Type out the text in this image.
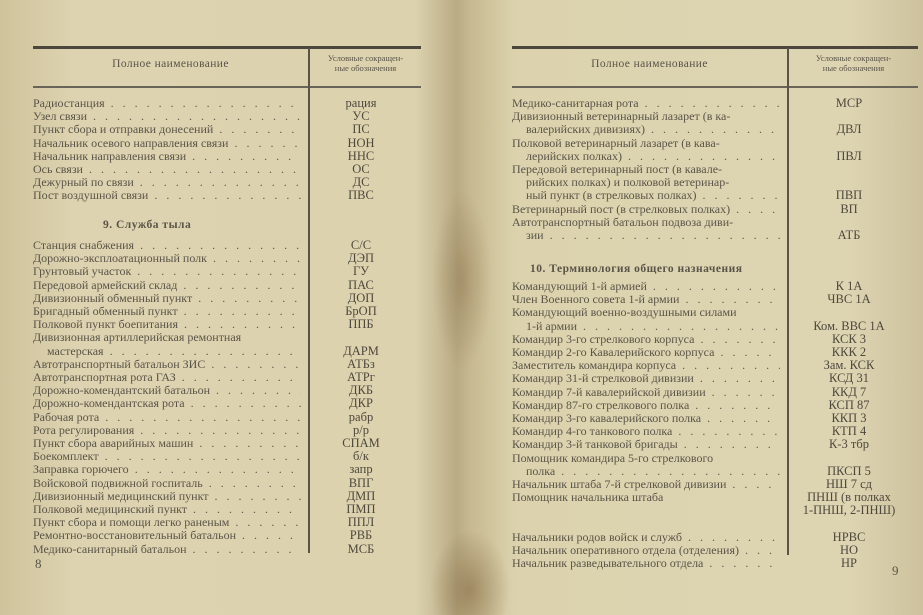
Полное наименование	Условные сокращен-
ные обозначения
Радиостанция . . .	рация
Узел связи . . .	УС
Пункт сбора и отправки донесений . . .	ПС
Начальник осевого направления связи . . .	НОН
Начальник направления связи . . .	ННС
Ось связи . . .	ОС
Дежурный по связи . . .	ДС
Пост воздушной связи . . .	ПВС
9. Служба тыла
Станция снабжения . . .	С/С
Дорожно-эксплоатационный полк . . .	ДЭП
Грунтовый участок . . .	ГУ
Передовой армейский склад . . .	ПАС
Дивизионный обменный пункт . . .	ДОП
Бригадный обменный пункт . . .	БрОП
Полковой пункт боепитания . . .	ППБ
Дивизионная артиллерийская ремонтная
мастерская . . .	ДАРМ
Автотранспортный батальон ЗИС . . .	АТБз
Автотранспортная рота ГАЗ . . .	АТРг
Дорожно-комендантский батальон . . .	ДКБ
Дорожно-комендантская рота . . .	ДКР
Рабочая рота . . .	рабр
Рота регулирования . . .	р/р
Пункт сбора аварийных машин . . .	СПАМ
Боекомплект . . .	б/к
Заправка горючего . . .	запр
Войсковой подвижной госпиталь . . .	ВПГ
Дивизионный медицинский пункт . . .	ДМП
Полковой медицинский пункт . . .	ПМП
Пункт сбора и помощи легко раненым . . .	ППЛ
Ремонтно-восстановительный батальон . . .	РВБ
Медико-санитарный батальон . . .	МСБ
8
Полное наименование	Условные сокращен-
ные обозначения
Медико-санитарная рота . . .	МСР
Дивизионный ветеринарный лазарет (в ка-
валерийских дивизиях) . . .	ДВЛ
Полковой ветеринарный лазарет (в кава-
лерийских полках) . . .	ПВЛ
Передовой ветеринарный пост (в кавале-
рийских полках) и полковой ветеринар-
ный пункт (в стрелковых полках) . . .	ПВП
Ветеринарный пост (в стрелковых полках) . . .	ВП
Автотранспортный батальон подвоза диви-
зии . . .	АТБ
10. Терминология общего назначения
Командующий 1-й армией . . .	К 1А
Член Военного совета 1-й армии . . .	ЧВС 1А
Командующий военно-воздушными силами
1-й армии . . .	Ком. ВВС 1А
Командир 3-го стрелкового корпуса . . .	КСК 3
Командир 2-го Кавалерийского корпуса . . .	ККК 2
Заместитель командира корпуса . . .	Зам. КСК
Командир 31-й стрелковой дивизии . . .	КСД 31
Командир 7-й кавалерийской дивизии . . .	ККД 7
Командир 87-го стрелкового полка . . .	КСП 87
Командир 3-го кавалерийского полка . . .	ККП 3
Командир 4-го танкового полка . . .	КТП 4
Командир 3-й танковой бригады . . .	К-3 тбр
Помощник командира 5-го стрелкового
полка . . .	ПКСП 5
Начальник штаба 7-й стрелковой дивизии . . .	НШ 7 сд
Помощник начальника штаба
	ПНШ (в полках
1-ПНШ, 2-ПНШ)
Начальники родов войск и служб . . .	НРВС
Начальник оперативного отдела (отделения) . . .	НО
Начальник разведывательного отдела . . .	НР	9
